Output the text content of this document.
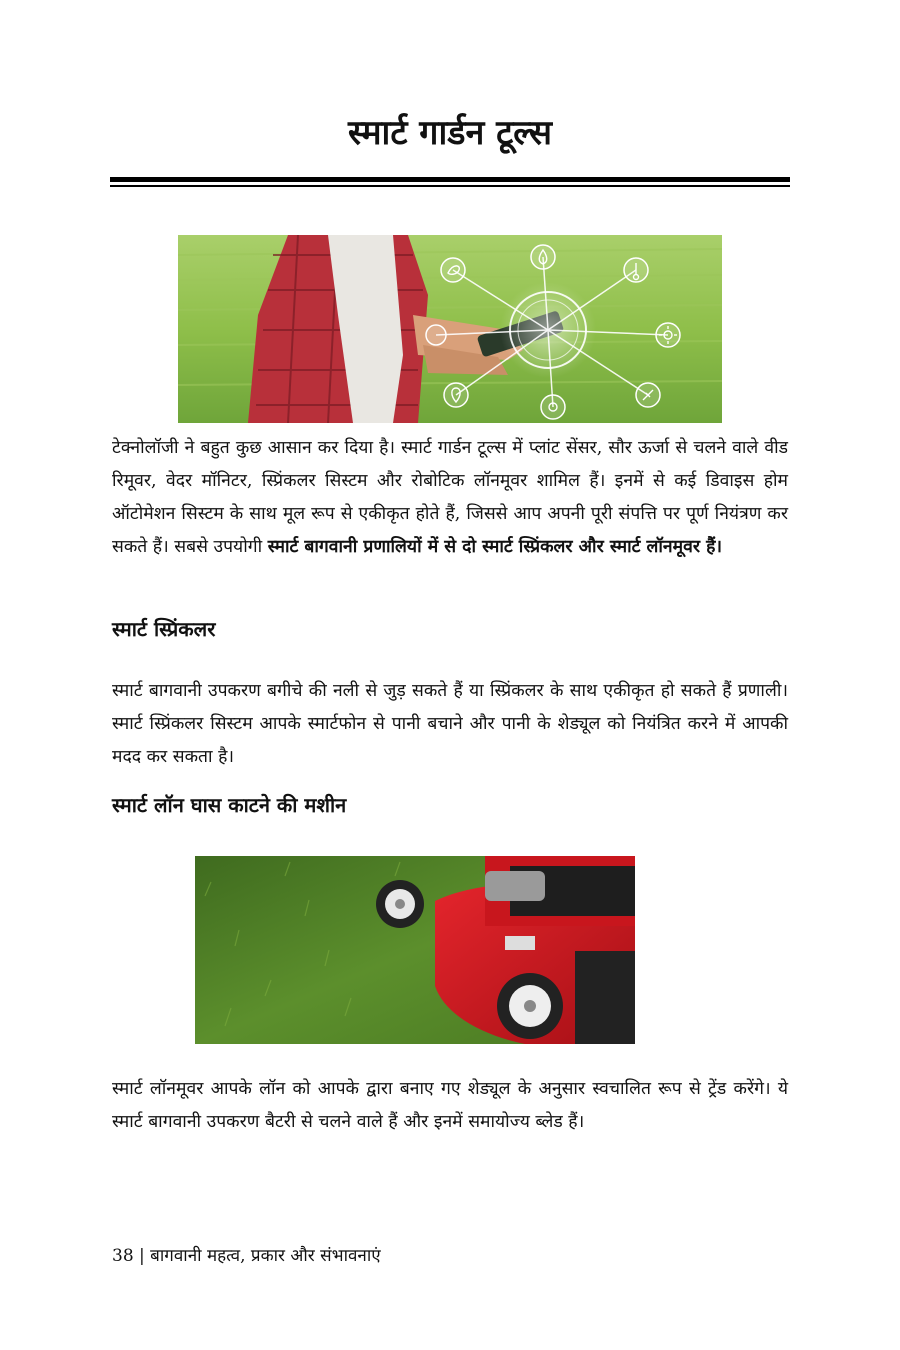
स्मार्ट गार्डन टूल्स

टेक्नोलॉजी ने बहुत कुछ आसान कर दिया है। स्मार्ट गार्डन टूल्स में प्लांट सेंसर, सौर ऊर्जा से चलने वाले वीड रिमूवर, वेदर मॉनिटर, स्प्रिंकलर सिस्टम और रोबोटिक लॉनमूवर शामिल हैं। इनमें से कई डिवाइस होम ऑटोमेशन सिस्टम के साथ मूल रूप से एकीकृत होते हैं, जिससे आप अपनी पूरी संपत्ति पर पूर्ण नियंत्रण कर सकते हैं। सबसे उपयोगी स्मार्ट बागवानी प्रणालियों में से दो स्मार्ट स्प्रिंकलर और स्मार्ट लॉनमूवर हैं।

स्मार्ट स्प्रिंकलर

स्मार्ट बागवानी उपकरण बगीचे की नली से जुड़ सकते हैं या स्प्रिंकलर के साथ एकीकृत हो सकते हैं प्रणाली। स्मार्ट स्प्रिंकलर सिस्टम आपके स्मार्टफोन से पानी बचाने और पानी के शेड्यूल को नियंत्रित करने में आपकी मदद कर सकता है।

स्मार्ट लॉन घास काटने की मशीन

स्मार्ट लॉनमूवर आपके लॉन को आपके द्वारा बनाए गए शेड्यूल के अनुसार स्वचालित रूप से ट्रेंड करेंगे। ये स्मार्ट बागवानी उपकरण बैटरी से चलने वाले हैं और इनमें समायोज्य ब्लेड हैं।

38 | बागवानी महत्व, प्रकार और संभावनाएं
